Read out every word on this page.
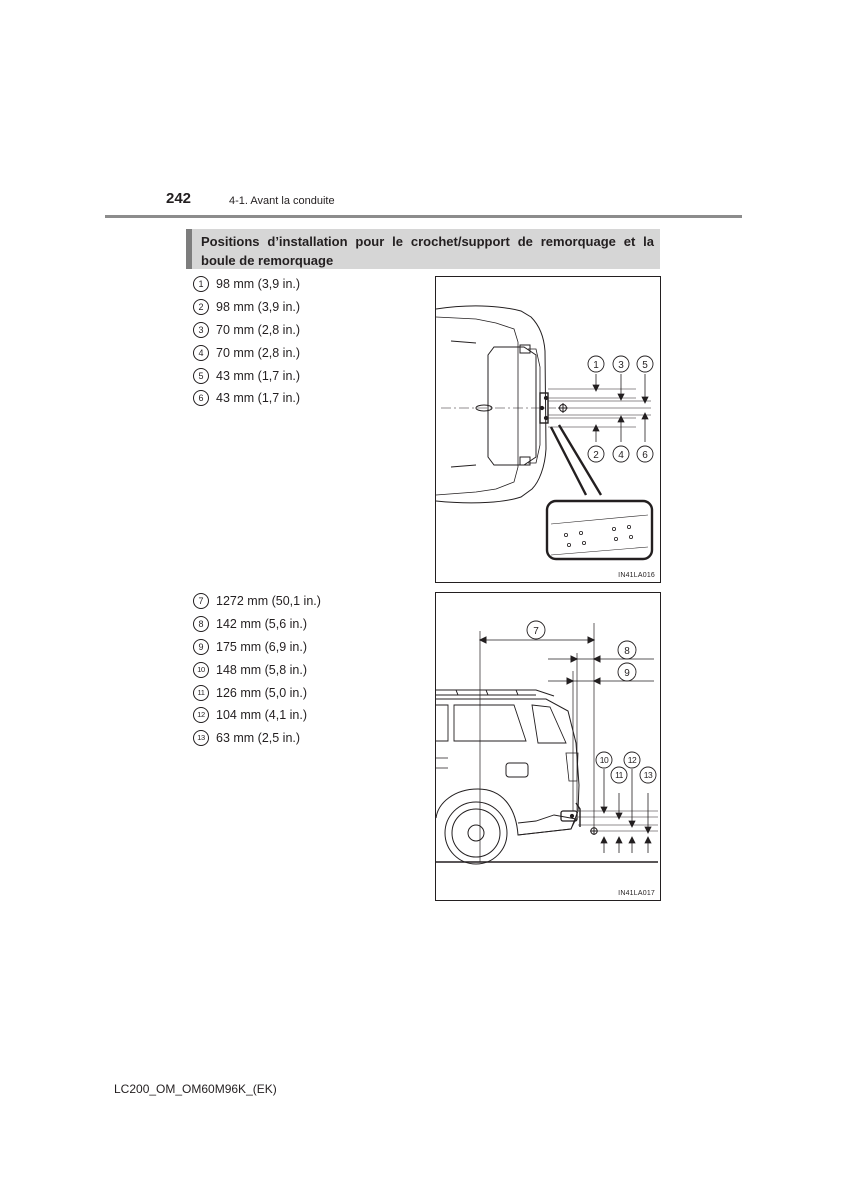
242	4-1. Avant la conduite
Positions d’installation pour le crochet/support de remorquage et la boule de remorquage
1	98 mm (3,9 in.)
2	98 mm (3,9 in.)
3	70 mm (2,8 in.)
4	70 mm (2,8 in.)
5	43 mm (1,7 in.)
6	43 mm (1,7 in.)
1 3 5
2 4 6
IN41LA016
7	1272 mm (50,1 in.)
8	142 mm (5,6 in.)
9	175 mm (6,9 in.)
10 148 mm (5,8 in.)
11 126 mm (5,0 in.)
12 104 mm (4,1 in.)
13 63 mm (2,5 in.)
7
8
9
10 12
11 13
IN41LA017
LC200_OM_OM60M96K_(EK)
